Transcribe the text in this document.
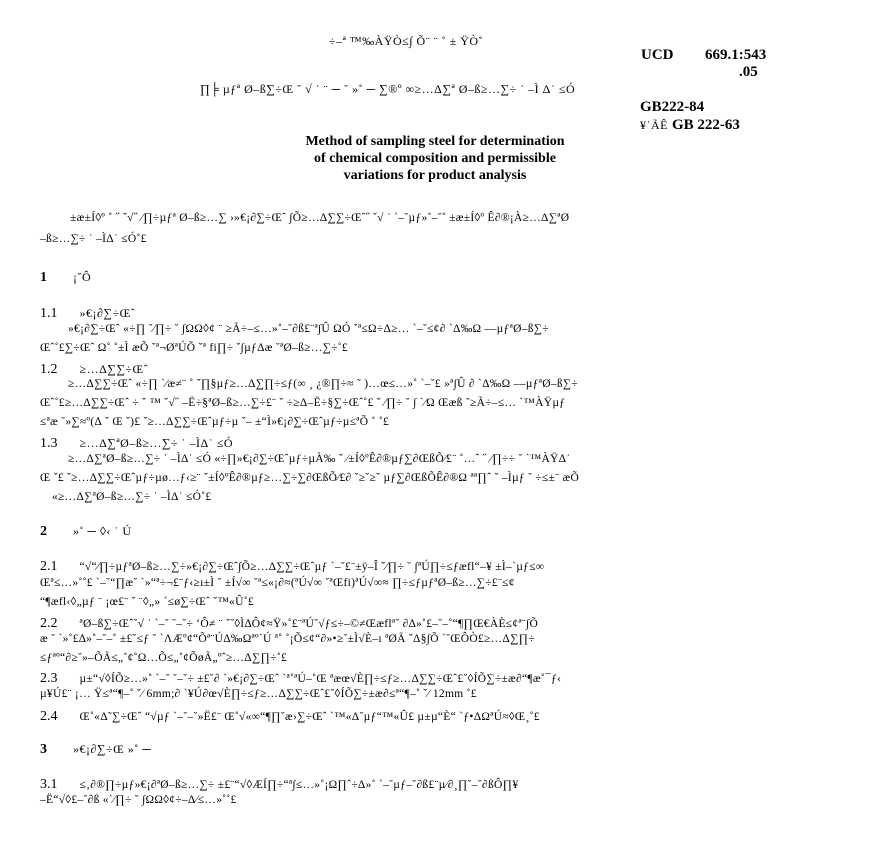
÷–ª ™‰ÀŸÒ≤∫ Õ¨ ¨ ˚ ± ŸÒ˚
UCD 669.1:543
.05
∏╞ µƒª Ø–ß∑÷Œ ˘ √ ˙ ¨ ─ ˘ »˚ ─ ∑®º ∞≥…Δ∑ª Ø–ß≥…∑÷ ˙ –Ì Δ˙ ≤Ó
GB222-84
¥˙ÃÊ GB 222-63
Method of sampling steel for determination
of chemical composition and permissible
variations for product analysis
±æ±Í◊º ˚ ˝ ˇ√˝ ∕∏÷µƒª Ø–ß≥…∑ ›»€¡∂∑÷Œˆ ∫Õ≥…Δ∑∑÷Œˆ˝ ˇ√ ˙ `–˘µƒ»˚–˘˚ ±æ±Í◊º Ê∂®¡À≥…Δ∑ªØ
–ß≥…∑÷ ˙ –ÌΔ˙ ≤Ó˚£
1 ¡ˇÔ
1.1 »€¡∂∑÷Œˆ
»€¡∂∑÷Œˆ «÷∏ ˘∕∏÷ ˘ ∫ΩΩ◊¢ ¨ ≥Ã÷–≤…»˚–˘∂ß£¨ª∫Û ΩÓ ˇª≤Ω÷Δ≥… `–˘≤¢∂ `Δ‰Ω ––µƒªØ–ß∑÷
Œˆ˚£∑÷Œˆ Ω˚ ˚±Ì æÕ ˇª¬ØªÚÕ ˇª fi∏÷ ˇ∫µƒΔæ ˘ªØ–ß≥…∑÷˚£
1.2 ≥…Δ∑∑÷Œˆ
≥…Δ∑∑÷Œˆ «÷∏ `∕æ≠¨ ˚ ˇ∏§µƒ≥…Δ∑∏÷≤ƒ(∞ ¸ ¿®∏÷≈ ˜ )…œ≤…»˚ `–˘£ »ª∫Û ∂ `Δ‰Ω ––µƒªØ–ß∑÷
Œˆ˚£≥…Δ∑∑÷Œˆ ÷ ˇ ™ ˇ√˝ –Ë÷§ªØ–ß≥…∑÷£¨ ˇ ÷≥Δ–Ë÷§∑÷Œˆ˚£ ˇ ∕∏÷ ˘ ∫ `∕Ω Œæß ˘≥Ã÷–≤… `™ÀŸµƒ
≤ªæ ˘»∑≈º(∆ ˇ Œ ˇ)£ ˇ≥…Δ∑∑÷Œˆµƒ÷µ ˇ– ±“Ì»€¡∂∑÷Œˆµƒ÷µ≤ªÕ ˚ ˚£
1.3 ≥…Δ∑ªØ–ß≥…∑÷ ˙ –ÌΔ˙ ≤Ó
≥…Δ∑ªØ–ß≥…∑÷ ˙ –ÌΔ˙ ≤Ó «÷∏»€¡∂∑÷Œˆµƒ÷µÀ‰ ˇ ∕±Í◊ºÊ∂®µƒ∑∂ŒßÕ∕£¨ ˚…ˆ ˝ ∕∏÷÷ ˘ `™ÀŸΔ˙
Œ ˇ£ ˇ≥…Δ∑∑÷Œˆµƒ÷µø…ƒ‹≥¨ ˇ±Í◊ºÊ∂®µƒ≥…∑÷∑∂ŒßÕ∕£∂ ˇ≥ˇ≥ˇ µƒ∑∂ŒßÕÊ∂®Ω ªª∏ˆ ˇ –Ìµƒ ˘ ÷≤±¨ æÕ
«≥…Δ∑ªØ–ß≥…∑÷ ˙ –ÌΔ˙ ≤Ó˚£
2 »˚ ─ ◊‹ ˙ Ú
2.1 “√“∕∏÷µƒªØ–ß≥…∑÷»€¡∂∑÷Œˆ∫Õ≥…Δ∑∑÷Œˆµƒ `–˘£¨±ÿ–Î ˇ∕∏÷ ˘ ∫ªÚ∏÷≤ƒæfl“–¥ ±Ì–`µƒ≤∞
Œª≤…»˚˚£ `–˘“∏æ˘ `»“ª÷¬£¨ƒ‹≥ı±Ì ˘ ±Í√∞ ˘ª≤«¡∂≈(ªÚ√∞ ˘ªŒfi)ªÚ√∞≈ ∏÷≤ƒµƒªØ–ß≥…∑÷£¨≤¢
“¶æfl‹◊„µƒ ¨ ¡œ£¨ ˇ ¨◊„» ´≤ø∑÷Œˆ ˇ™«Û˚£
2.2 ªØ–ß∑÷Œˆ˘√ ˙ `–˘ ˘–˘÷ ‘Ô≠ ¨ ˇ˘◊Ì∆Ô¢≈Ÿ»˚£¨ªÚ˘√ƒ≤÷–©≠Œæflª˘ ∂∆»˚£–˘–˚“¶∏Œ€ÀÈ≤¢ª¨∫Õ
æ ˘ `»˚£∆»˚–˘–˚ ±£˘≤ƒ ˘ `ΛÆº¢“Õª¨ÚΔ‰Ωªº`Ú ª˚ ˚¡Õ≤¢“∂»•≥˘±Ì√È–ı ªØÃ ˇΔ§∫Õ `˘ŒÔÒ£≥…Δ∑∏÷
≤ƒªº“∂≥˘»–ÕÃ≤„˚¢˚Ω…Õ≤„˚¢ÕøÃ„ºˆ≥…Δ∑∏÷˚£
2.3 µ±“√◊ÍÕ≥…»˚ `–˘ ˘–˘÷ ±£˘∂ `»€¡∂∑÷Œˆ `ª˚ªÚ–˚Œ ªæœ√È∏÷≤ƒ≥…Δ∑∑÷Œˆ£˘◊ÍÕ∑÷±æ∂“¶æ˚¯ƒ‹
µ¥Ú£¨ ¡… Ÿ≤ª“¶–˚ ˇ∕ 6mm;∂ `¥Ú∂œ√È∏÷≤ƒ≥…Δ∑∑÷Œˆ£˘◊ÍÕ∑÷±æ∂≤ª“¶–˚ ˇ∕ 12mm ˚£
2.4 Œ˚«Δ˜∑÷Œˆ “√µƒ `–˘–˘»Ë£¨ Œ˚√«∞“¶∏˘æ›∑÷Œˆ `™«Δ˘µƒ“™«Û£ µ±µ“È“ `ƒ•ΔΩªÚ≈◊Œ¸˚£
3 »€¡∂∑÷Œ »˚ ─
3.1 ≤‚∂®∏÷µƒ»€¡∂ªØ–ß≥…∑÷ ±£¨“√◊ÆÍ∏÷“ª∫≤…»˚¡Ω∏ˆ÷Δ»˚ `–˘µƒ–˘∂ß£¨µ∕∂¸∏˘–˘∂ßÔ∏¥
–Ë“√◊£–˘∂ß «`∕∏÷ ˘ ∫ΩΩ◊¢÷–Δ∕≤…»˚˚£
